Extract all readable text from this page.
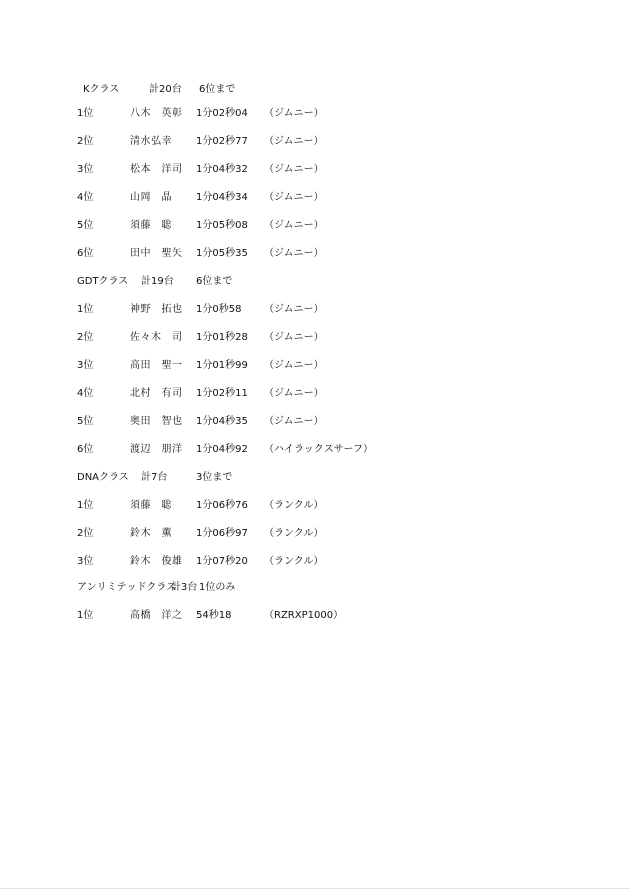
Kクラス	計20台 6位まで
1位	八木　英彰 1分02秒04 （ジムニー）
2位	清水弘幸 1分02秒77 （ジムニー）
3位	松本　洋司 1分04秒32 （ジムニー）
4位	山岡　晶 1分04秒34 （ジムニー）
5位	須藤　聡 1分05秒08 （ジムニー）
6位	田中　聖矢 1分05秒35 （ジムニー）
GDTクラス 計19台 6位まで
1位	神野　拓也 1分0秒58 （ジムニー）
2位	佐々木　司 1分01秒28 （ジムニー）
3位	高田　聖一 1分01秒99 （ジムニー）
4位	北村　有司 1分02秒11 （ジムニー）
5位	奥田　智也 1分04秒35 （ジムニー）
6位	渡辺　朋洋 1分04秒92 （ハイラックスサーフ）
DNAクラス 計7台	3位まで
1位	須藤　聡 1分06秒76 （ランクル）
2位	鈴木　薫 1分06秒97 （ランクル）
3位	鈴木　俊雄 1分07秒20 （ランクル）
アンリミテッドクラス
計3台 1位のみ
1位	高橋　洋之 54秒18	（RZRXP1000）
